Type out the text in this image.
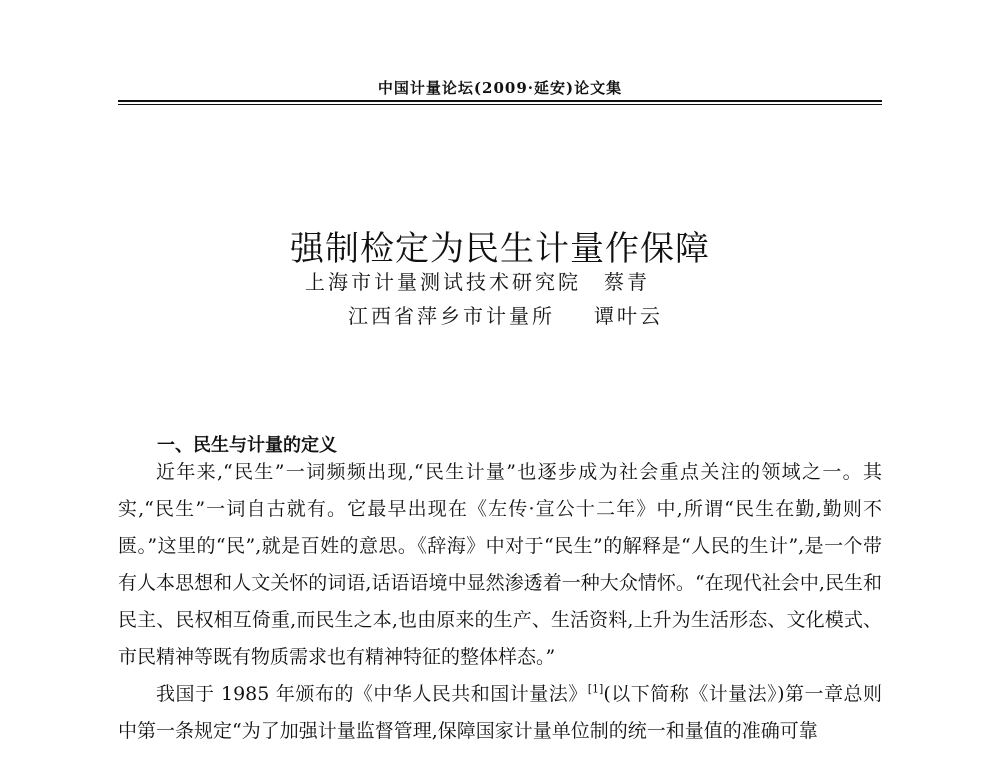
中国计量论坛(2009·延安)论文集
强制检定为民生计量作保障
上海市计量测试技术研究院 蔡青
江西省萍乡市计量所 谭叶云
一、民生与计量的定义

近年来,“民生”一词频频出现,“民生计量”也逐步成为社会重点关注的领域之一。其实,“民生”一词自古就有。它最早出现在《左传·宣公十二年》中,所谓“民生在勤,勤则不匮。”这里的“民”,就是百姓的意思。《辞海》中对于“民生”的解释是“人民的生计”,是一个带有人本思想和人文关怀的词语,话语语境中显然渗透着一种大众情怀。“在现代社会中,民生和民主、民权相互倚重,而民生之本,也由原来的生产、生活资料,上升为生活形态、文化模式、市民精神等既有物质需求也有精神特征的整体样态。”

我国于 1985 年颁布的《中华人民共和国计量法》[1](以下简称《计量法》)第一章总则中第一条规定“为了加强计量监督管理,保障国家计量单位制的统一和量值的准确可靠
